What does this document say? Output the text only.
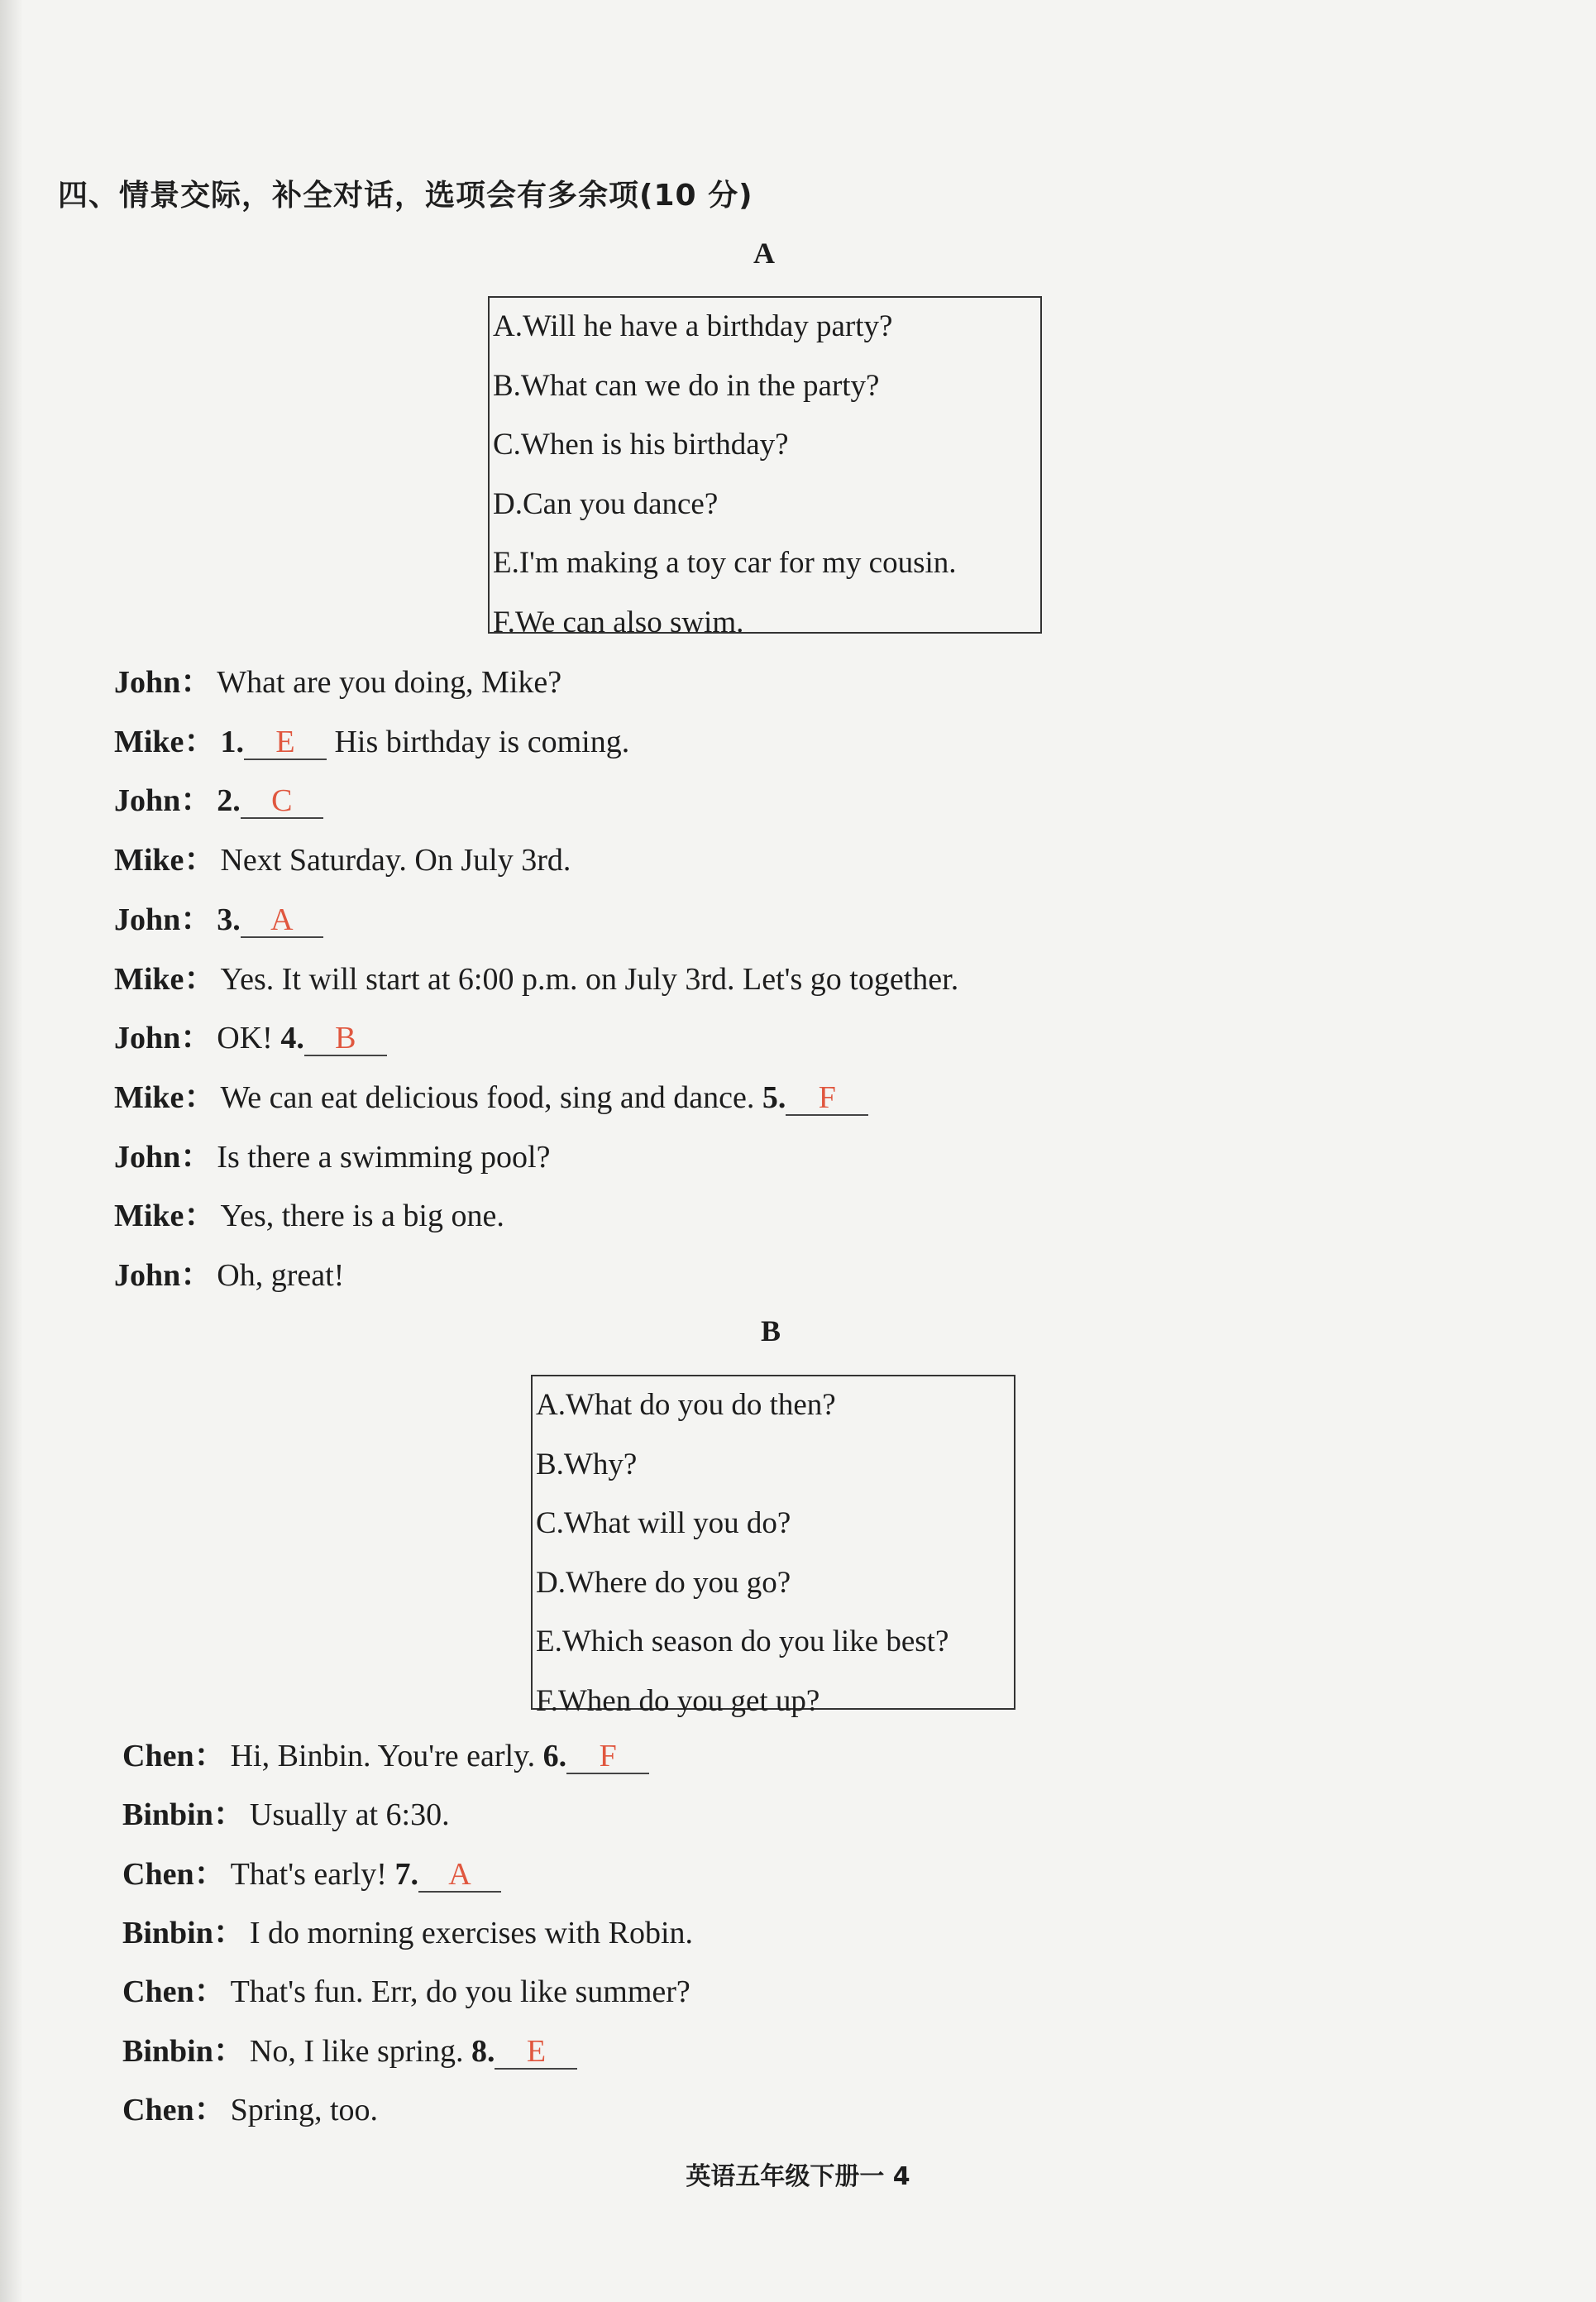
四、情景交际，补全对话，选项会有多余项(10 分)
A
A.Will he have a birthday party?
B.What can we do in the party?
C.When is his birthday?
D.Can you dance?
E.I'm making a toy car for my cousin.
F.We can also swim.
John： What are you doing, Mike?
Mike： 1. E His birthday is coming.
John： 2. C
Mike： Next Saturday. On July 3rd.
John： 3. A
Mike： Yes. It will start at 6:00 p.m. on July 3rd. Let's go together.
John： OK! 4. B
Mike： We can eat delicious food, sing and dance. 5. F
John： Is there a swimming pool?
Mike： Yes, there is a big one.
John： Oh, great!
B
A.What do you do then?
B.Why?
C.What will you do?
D.Where do you go?
E.Which season do you like best?
F.When do you get up?
Chen： Hi, Binbin. You're early. 6. F
Binbin： Usually at 6:30.
Chen： That's early! 7. A
Binbin： I do morning exercises with Robin.
Chen： That's fun. Err, do you like summer?
Binbin： No, I like spring. 8. E
Chen： Spring, too.
英语五年级下册一 4
